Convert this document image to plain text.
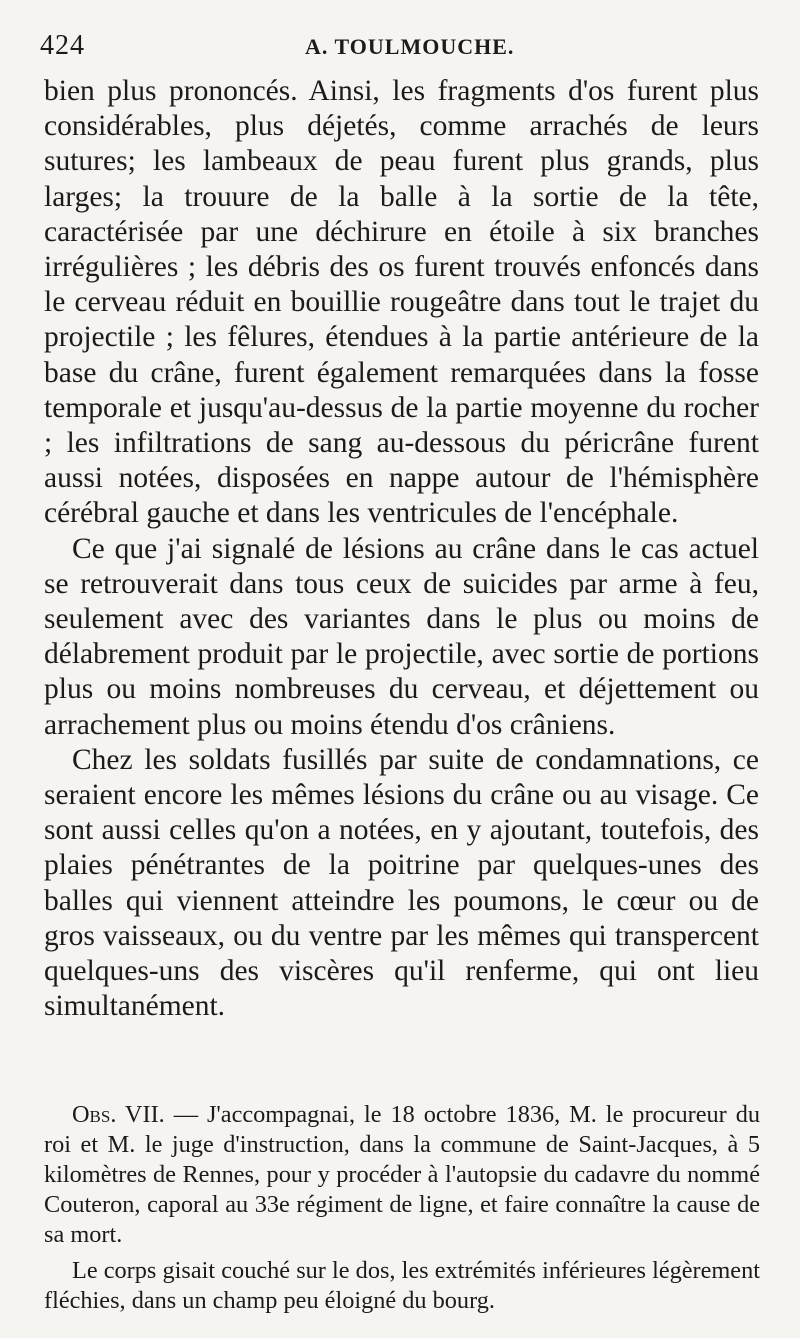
424	A. TOULMOUCHE.

bien plus prononcés. Ainsi, les fragments d'os furent plus considérables, plus déjetés, comme arrachés de leurs sutures; les lambeaux de peau furent plus grands, plus larges; la trouure de la balle à la sortie de la tête, caractérisée par une déchirure en étoile à six branches irrégulières ; les débris des os furent trouvés enfoncés dans le cerveau réduit en bouillie rougeâtre dans tout le trajet du projectile ; les fêlures, étendues à la partie antérieure de la base du crâne, furent également remarquées dans la fosse temporale et jusqu'au-dessus de la partie moyenne du rocher ; les infiltrations de sang au-dessous du péricrâne furent aussi notées, disposées en nappe autour de l'hémisphère cérébral gauche et dans les ventricules de l'encéphale.

Ce que j'ai signalé de lésions au crâne dans le cas actuel se retrouverait dans tous ceux de suicides par arme à feu, seulement avec des variantes dans le plus ou moins de délabrement produit par le projectile, avec sortie de portions plus ou moins nombreuses du cerveau, et déjettement ou arrachement plus ou moins étendu d'os crâniens.

Chez les soldats fusillés par suite de condamnations, ce seraient encore les mêmes lésions du crâne ou au visage. Ce sont aussi celles qu'on a notées, en y ajoutant, toutefois, des plaies pénétrantes de la poitrine par quelques-unes des balles qui viennent atteindre les poumons, le cœur ou de gros vaisseaux, ou du ventre par les mêmes qui transpercent quelques-uns des viscères qu'il renferme, qui ont lieu simultanément.

Obs. VII. — J'accompagnai, le 18 octobre 1836, M. le procureur du roi et M. le juge d'instruction, dans la commune de Saint-Jacques, à 5 kilomètres de Rennes, pour y procéder à l'autopsie du cadavre du nommé Couteron, caporal au 33e régiment de ligne, et faire connaître la cause de sa mort.

Le corps gisait couché sur le dos, les extrémités inférieures légèrement fléchies, dans un champ peu éloigné du bourg.
